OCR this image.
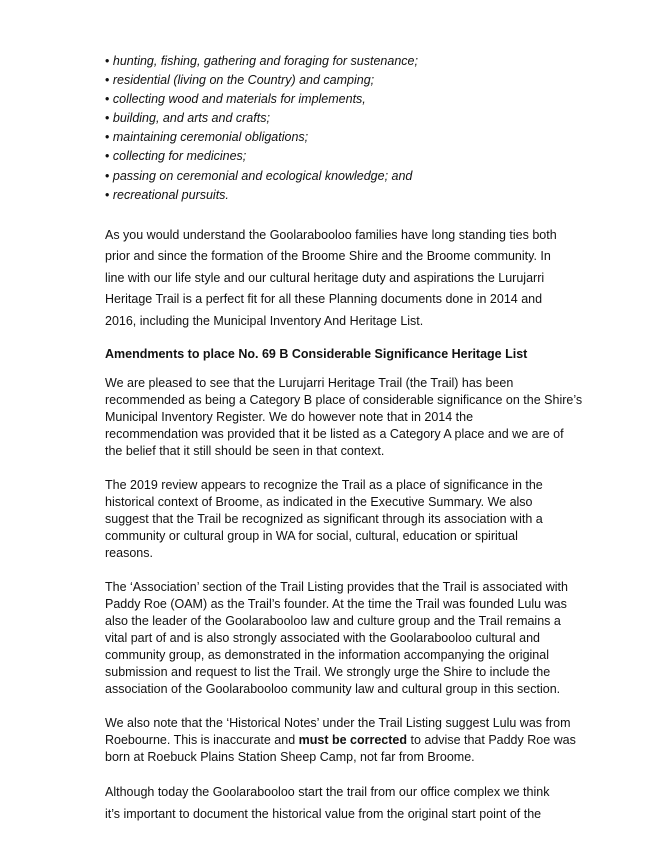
• hunting, fishing, gathering and foraging for sustenance;
• residential (living on the Country) and camping;
• collecting wood and materials for implements,
• building, and arts and crafts;
• maintaining ceremonial obligations;
• collecting for medicines;
• passing on ceremonial and ecological knowledge; and
• recreational pursuits.

As you would understand the Goolarabooloo families have long standing ties both
prior and since the formation of the Broome Shire and the Broome community. In
line with our life style and our cultural heritage duty and aspirations the Lurujarri
Heritage Trail is a perfect fit for all these Planning documents done in 2014 and
2016, including the Municipal Inventory And Heritage List.

Amendments to place No. 69 B Considerable Significance Heritage List

We are pleased to see that the Lurujarri Heritage Trail (the Trail) has been
recommended as being a Category B place of considerable significance on the Shire’s
Municipal Inventory Register. We do however note that in 2014 the
recommendation was provided that it be listed as a Category A place and we are of
the belief that it still should be seen in that context.

The 2019 review appears to recognize the Trail as a place of significance in the
historical context of Broome, as indicated in the Executive Summary. We also
suggest that the Trail be recognized as significant through its association with a
community or cultural group in WA for social, cultural, education or spiritual
reasons.

The ‘Association’ section of the Trail Listing provides that the Trail is associated with
Paddy Roe (OAM) as the Trail’s founder. At the time the Trail was founded Lulu was
also the leader of the Goolarabooloo law and culture group and the Trail remains a
vital part of and is also strongly associated with the Goolarabooloo cultural and
community group, as demonstrated in the information accompanying the original
submission and request to list the Trail. We strongly urge the Shire to include the
association of the Goolarabooloo community law and cultural group in this section.

We also note that the ‘Historical Notes’ under the Trail Listing suggest Lulu was from
Roebourne. This is inaccurate and must be corrected to advise that Paddy Roe was
born at Roebuck Plains Station Sheep Camp, not far from Broome.

Although today the Goolarabooloo start the trail from our office complex we think
it’s important to document the historical value from the original start point of the
